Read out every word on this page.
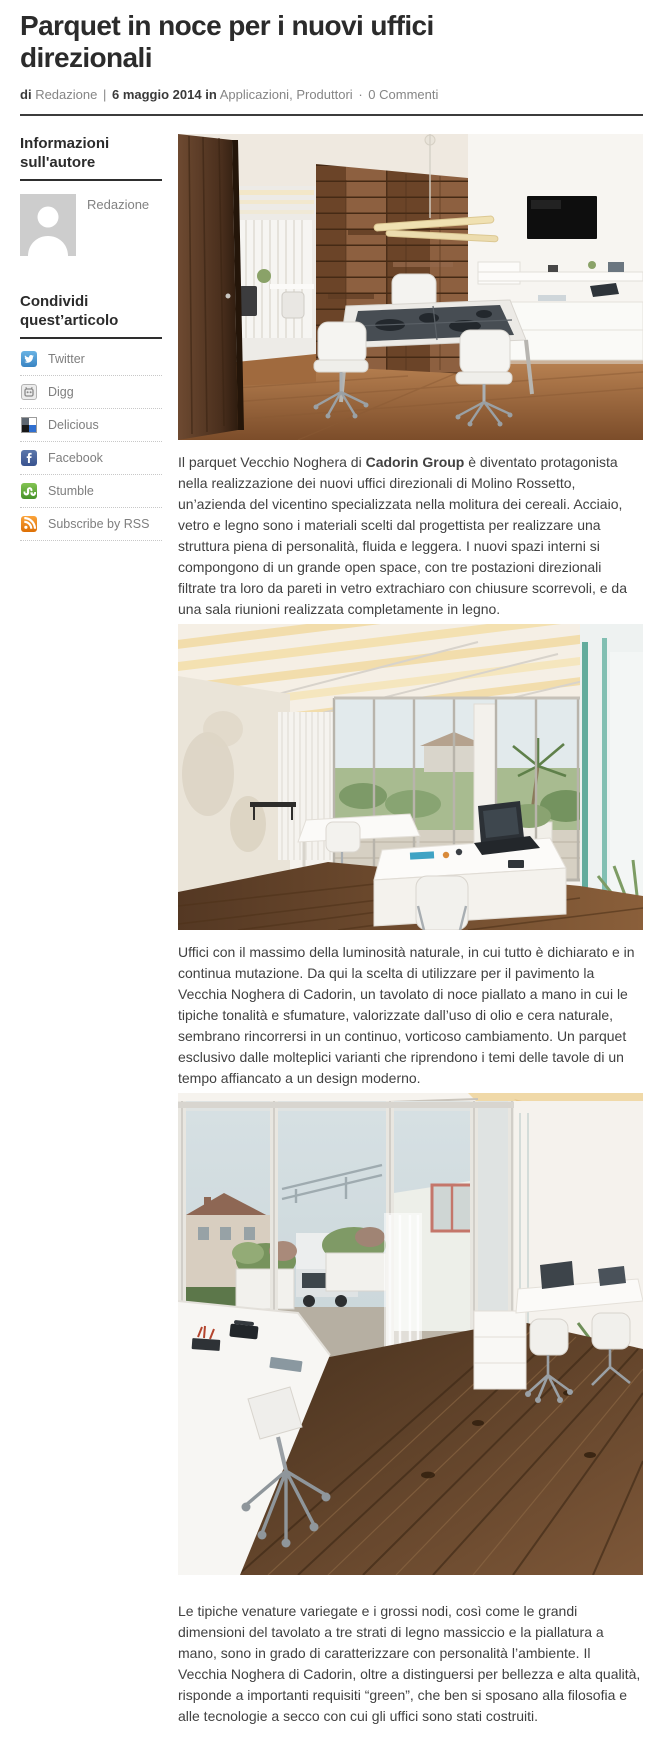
Parquet in noce per i nuovi uffici direzionali
di Redazione | 6 maggio 2014 in Applicazioni, Produttori · 0 Commenti
Informazioni sull'autore
Redazione
Condividi quest’articolo
Twitter
Digg
Delicious
Facebook
Stumble
Subscribe by RSS

Il parquet Vecchio Noghera di Cadorin Group è diventato protagonista nella realizzazione dei nuovi uffici direzionali di Molino Rossetto, un’azienda del vicentino specializzata nella molitura dei cereali. Acciaio, vetro e legno sono i materiali scelti dal progettista per realizzare una struttura piena di personalità, fluida e leggera. I nuovi spazi interni si compongono di un grande open space, con tre postazioni direzionali filtrate tra loro da pareti in vetro extrachiaro con chiusure scorrevoli, e da una sala riunioni realizzata completamente in legno.

Uffici con il massimo della luminosità naturale, in cui tutto è dichiarato e in continua mutazione. Da qui la scelta di utilizzare per il pavimento la Vecchia Noghera di Cadorin, un tavolato di noce piallato a mano in cui le tipiche tonalità e sfumature, valorizzate dall’uso di olio e cera naturale, sembrano rincorrersi in un continuo, vorticoso cambiamento. Un parquet esclusivo dalle molteplici varianti che riprendono i temi delle tavole di un tempo affiancato a un design moderno.

Le tipiche venature variegate e i grossi nodi, così come le grandi dimensioni del tavolato a tre strati di legno massiccio e la piallatura a mano, sono in grado di caratterizzare con personalità l’ambiente. Il Vecchia Noghera di Cadorin, oltre a distinguersi per bellezza e alta qualità, risponde a importanti requisiti “green”, che ben si sposano alla filosofia e alle tecnologie a secco con cui gli uffici sono stati costruiti.
